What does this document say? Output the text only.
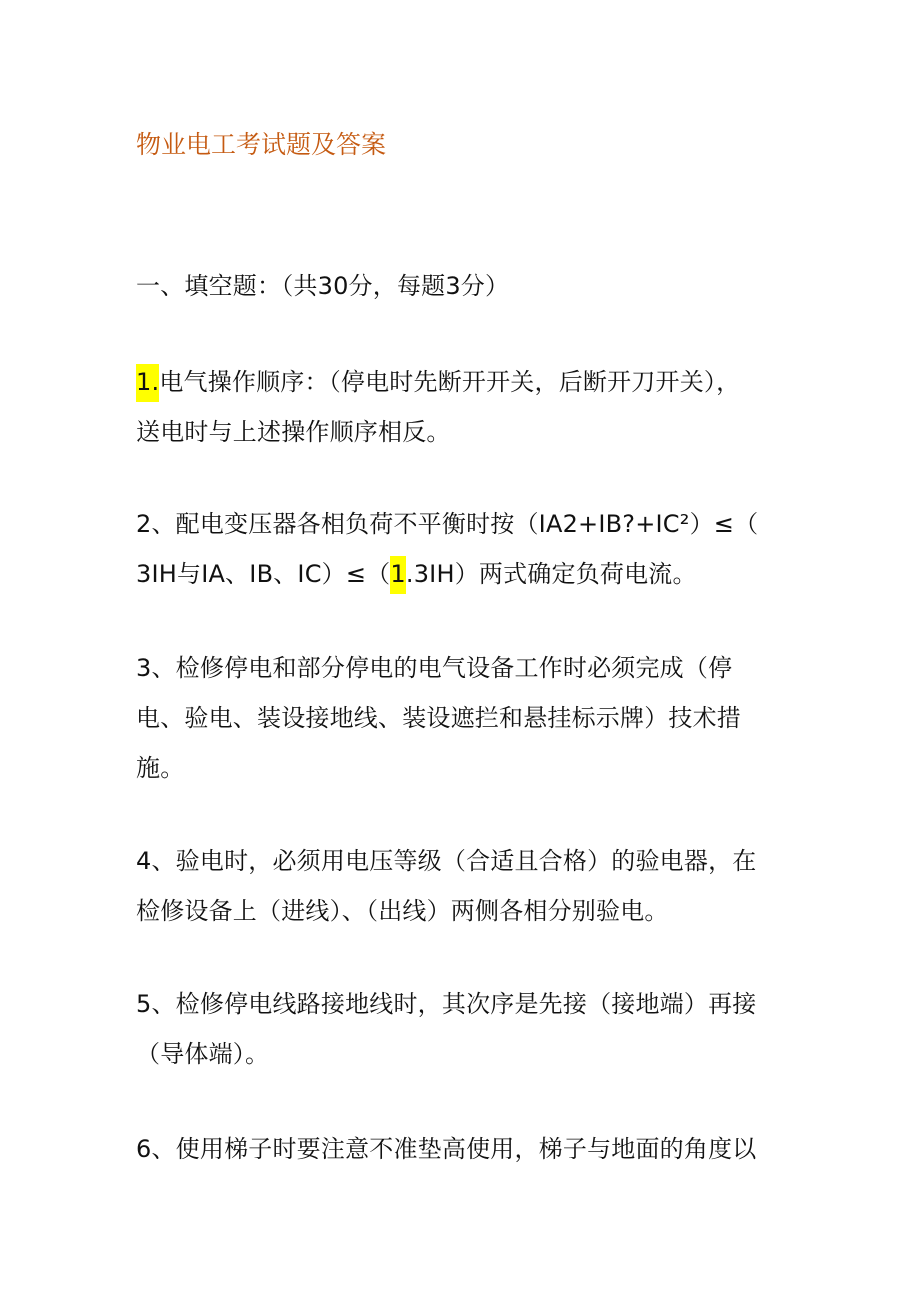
物业电工考试题及答案
一、填空题：（共30分，每题3分）
1.电气操作顺序：（停电时先断开开关，后断开刀开关），
送电时与上述操作顺序相反。
2、配电变压器各相负荷不平衡时按（IA2+IB?+IC²）≤（
3IH与IA、IB、IC）≤（1.3IH）两式确定负荷电流。
3、检修停电和部分停电的电气设备工作时必须完成（停
电、验电、装设接地线、装设遮拦和悬挂标示牌）技术措
施。
4、验电时，必须用电压等级（合适且合格）的验电器，在
检修设备上（进线）、（出线）两侧各相分别验电。
5、检修停电线路接地线时，其次序是先接（接地端）再接
（导体端）。
6、使用梯子时要注意不准垫高使用，梯子与地面的角度以
